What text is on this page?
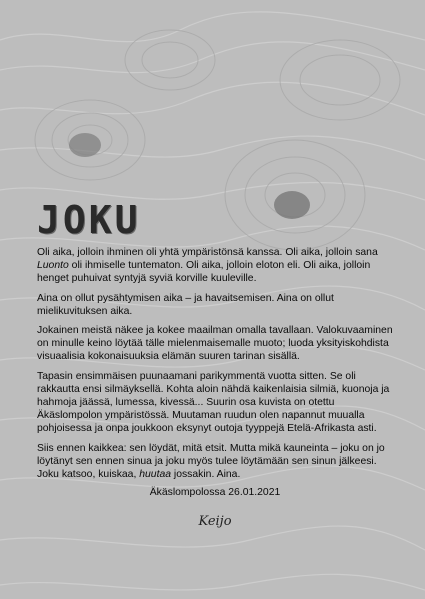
JOKU

Oli aika, jolloin ihminen oli yhtä ympäristönsä kanssa. Oli aika, jolloin sana Luonto oli ihmiselle tuntematon. Oli aika, jolloin eloton eli. Oli aika, jolloin henget puhuivat syntyjä syviä korville kuuleville.

Aina on ollut pysähtymisen aika – ja havaitsemisen. Aina on ollut mielikuvituksen aika.

Jokainen meistä näkee ja kokee maailman omalla tavallaan. Valokuvaaminen on minulle keino löytää tälle mielenmaisemalle muoto; luoda yksityiskohdista visuaalisia kokonaisuuksia elämän suuren tarinan sisällä.

Tapasin ensimmäisen puunaamani parikymmentä vuotta sitten. Se oli rakkautta ensi silmäyksellä. Kohta aloin nähdä kaikenlaisia silmiä, kuonoja ja hahmoja jäässä, lumessa, kivessä... Suurin osa kuvista on otettu Äkäslompolon ympäristössä. Muutaman ruudun olen napannut muualla pohjoisessa ja onpa joukkoon eksynyt outoja tyyppejä Etelä-Afrikasta asti.

Siis ennen kaikkea: sen löydät, mitä etsit. Mutta mikä kauneinta – joku on jo löytänyt sen ennen sinua ja joku myös tulee löytämään sen sinun jälkeesi. Joku katsoo, kuiskaa, huutaa jossakin. Aina.

Äkäslompolossa 26.01.2021
Keijo
